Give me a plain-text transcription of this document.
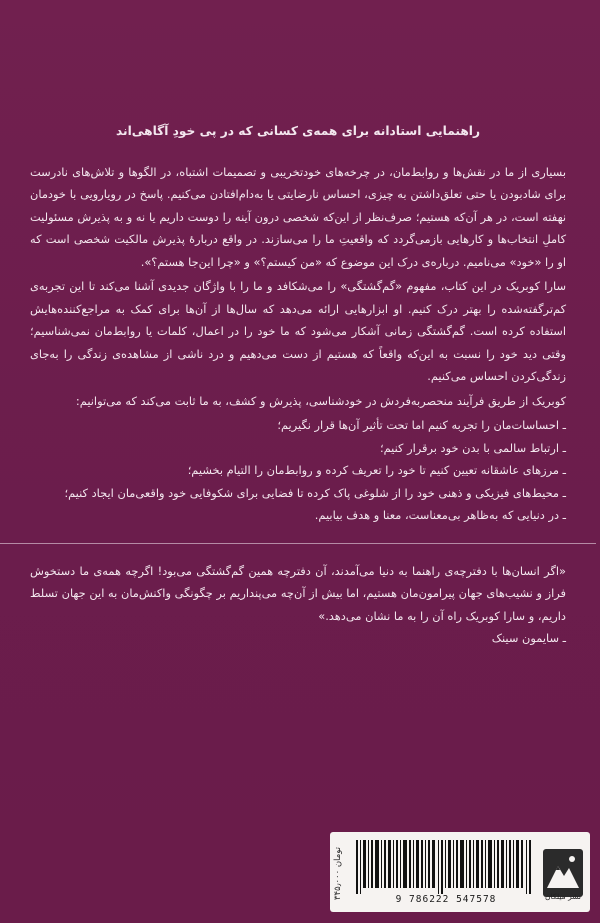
راهنمایی استادانه برای همه‌ی کسانی که در پی خودِ آگاهی‌اند

بسیاری از ما در نقش‌ها و روابط‌مان، در چرخه‌های خودتخریبی و تصمیمات اشتباه، در الگوها و تلاش‌های نادرست برای شادبودن یا حتی تعلق‌داشتن به چیزی، احساس نارضایتی یا به‌دام‌افتادن می‌کنیم. پاسخ در رویارویی با خودمان نهفته است، در هر آن‌که هستیم؛ صرف‌نظر از این‌که شخصی درون آینه را دوست داریم یا نه و به پذیرش مسئولیت کاملِ انتخاب‌ها و کارهایی بازمی‌گردد که واقعیتِ ما را می‌سازند. در واقع دربارهٔ پذیرش مالکیت شخصی است که او را «خود» می‌نامیم. درباره‌ی درک این موضوع که «من کیستم؟» و «چرا این‌جا هستم؟».

سارا کوبریک در این کتاب، مفهوم «گم‌گشتگی» را می‌شکافد و ما را با واژگان جدیدی آشنا می‌کند تا این تجربه‌ی کم‌ترگفته‌شده را بهتر درک کنیم. او ابزارهایی ارائه می‌دهد که سال‌ها از آن‌ها برای کمک به مراجع‌کننده‌هایش استفاده کرده است. گم‌گشتگی زمانی آشکار می‌شود که ما خود را در اعمال، کلمات یا روابط‌مان نمی‌شناسیم؛ وقتی دید خود را نسبت به این‌که واقعاً که هستیم از دست می‌دهیم و درد ناشی از مشاهده‌ی زندگی را به‌جای زندگی‌کردن احساس می‌کنیم.

کوبریک از طریق فرآیند منحصربه‌فردش در خودشناسی، پذیرش و کشف، به ما ثابت می‌کند که می‌توانیم:

ـ احساسات‌مان را تجربه کنیم اما تحت تأثیر آن‌ها قرار نگیریم؛
ـ ارتباط سالمی با بدن خود برقرار کنیم؛
ـ مرزهای عاشقانه تعیین کنیم تا خود را تعریف کرده و روابط‌مان را التیام بخشیم؛
ـ محیط‌های فیزیکی و ذهنی خود را از شلوغی پاک کرده تا فضایی برای شکوفایی خود واقعی‌مان ایجاد کنیم؛
ـ در دنیایی که به‌ظاهر بی‌معناست، معنا و هدف بیابیم.

«اگر انسان‌ها با دفترچه‌ی راهنما به دنیا می‌آمدند، آن دفترچه همین گم‌گشتگی می‌بود! اگرچه همه‌ی ما دستخوش فراز و نشیب‌های جهان پیرامون‌مان هستیم، اما بیش از آن‌چه می‌پنداریم بر چگونگی واکنش‌مان به این جهان تسلط داریم، و سارا کوبریک راه آن را به ما نشان می‌دهد.»

ـ سایمون سینک

۳۴۵٫۰۰۰ تومان
9 786222 547578	نشر میلکان
